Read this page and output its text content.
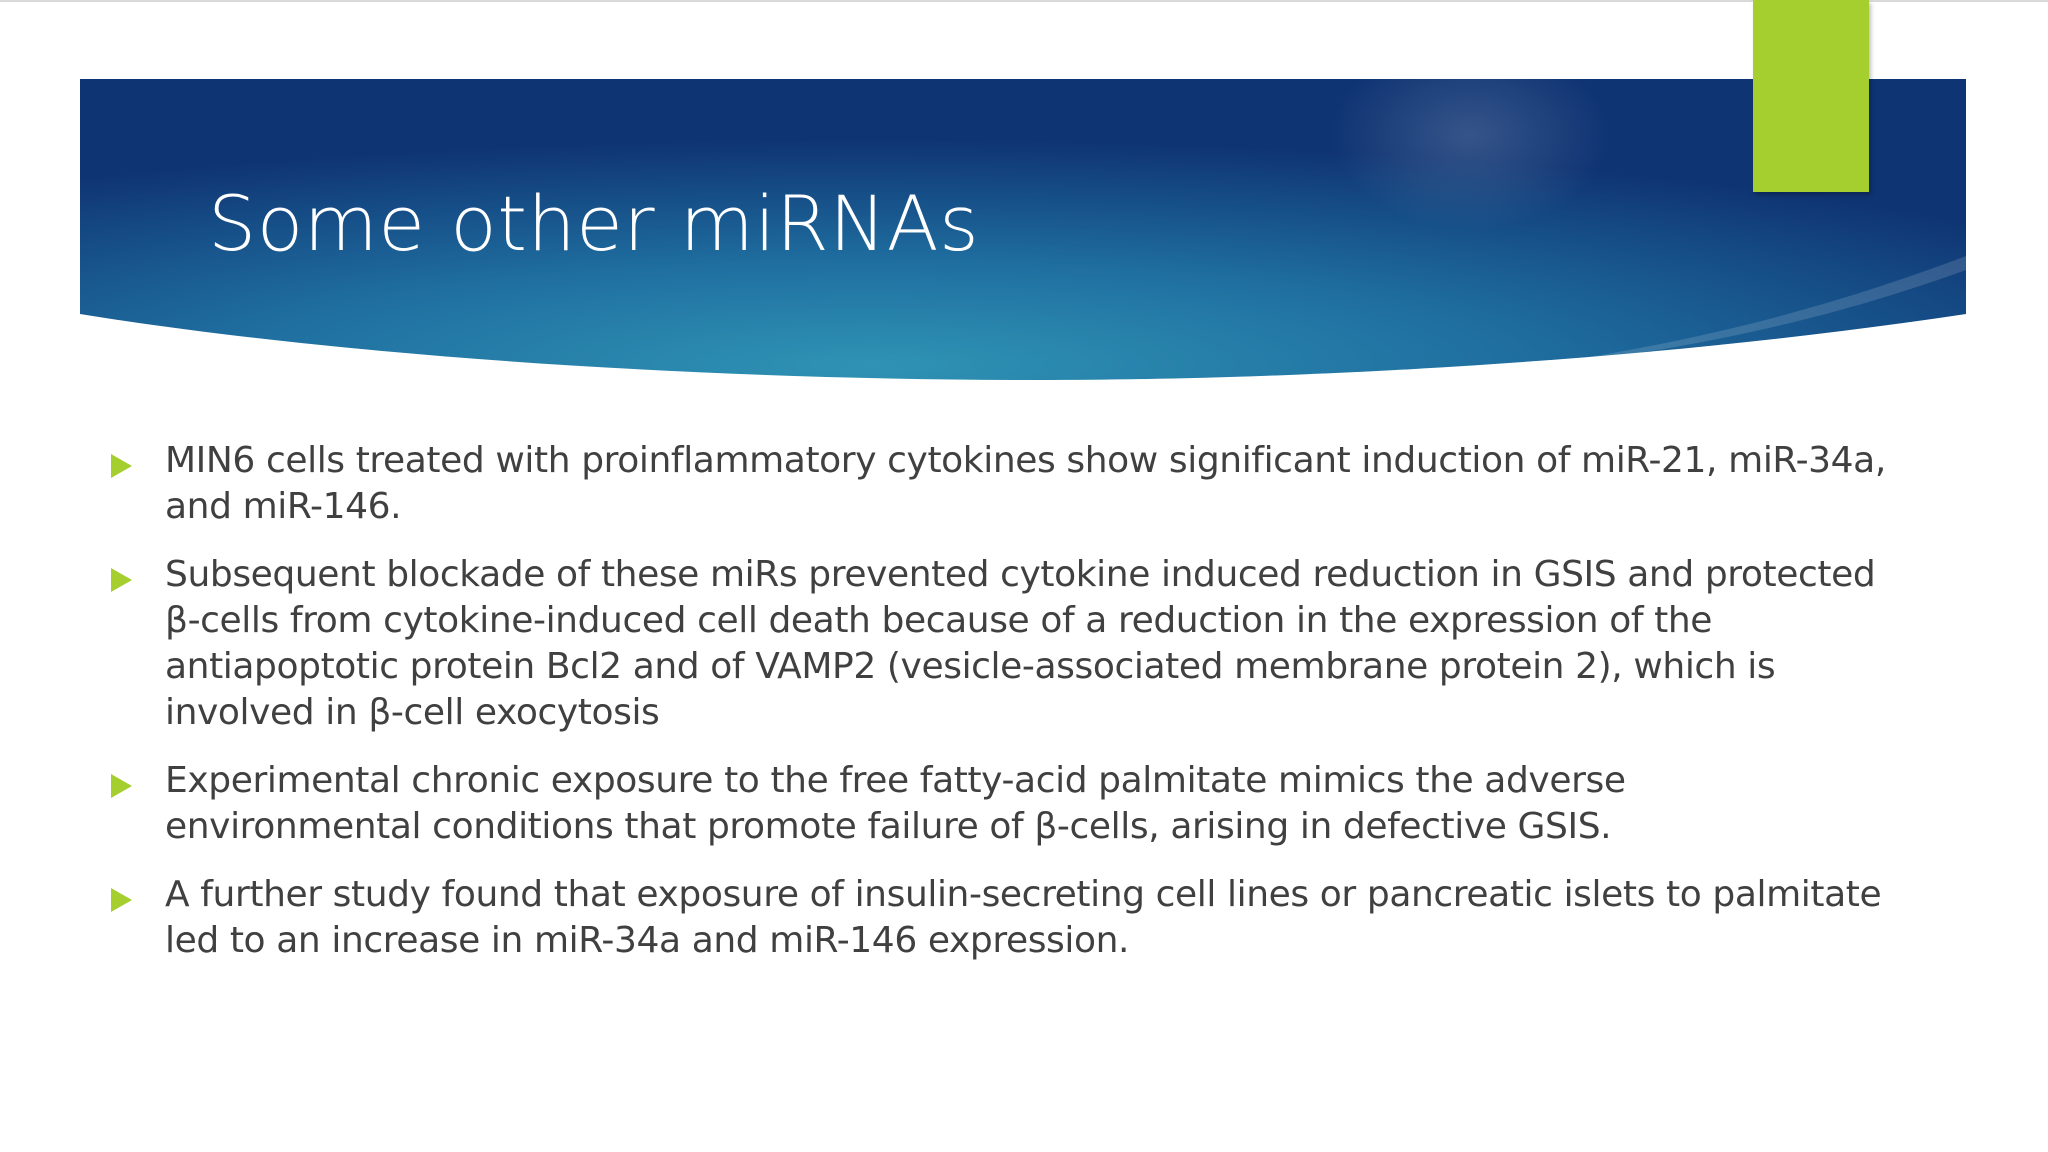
Some other miRNAs
MIN6 cells treated with proinflammatory cytokines show significant induction of miR-21, miR-34a, and miR-146.
Subsequent blockade of these miRs prevented cytokine induced reduction in GSIS and protected β-cells from cytokine-induced cell death because of a reduction in the expression of the antiapoptotic protein Bcl2 and of VAMP2 (vesicle-associated membrane protein 2), which is involved in β-cell exocytosis
Experimental chronic exposure to the free fatty-acid palmitate mimics the adverse environmental conditions that promote failure of β-cells, arising in defective GSIS.
A further study found that exposure of insulin-secreting cell lines or pancreatic islets to palmitate led to an increase in miR-34a and miR-146 expression.
